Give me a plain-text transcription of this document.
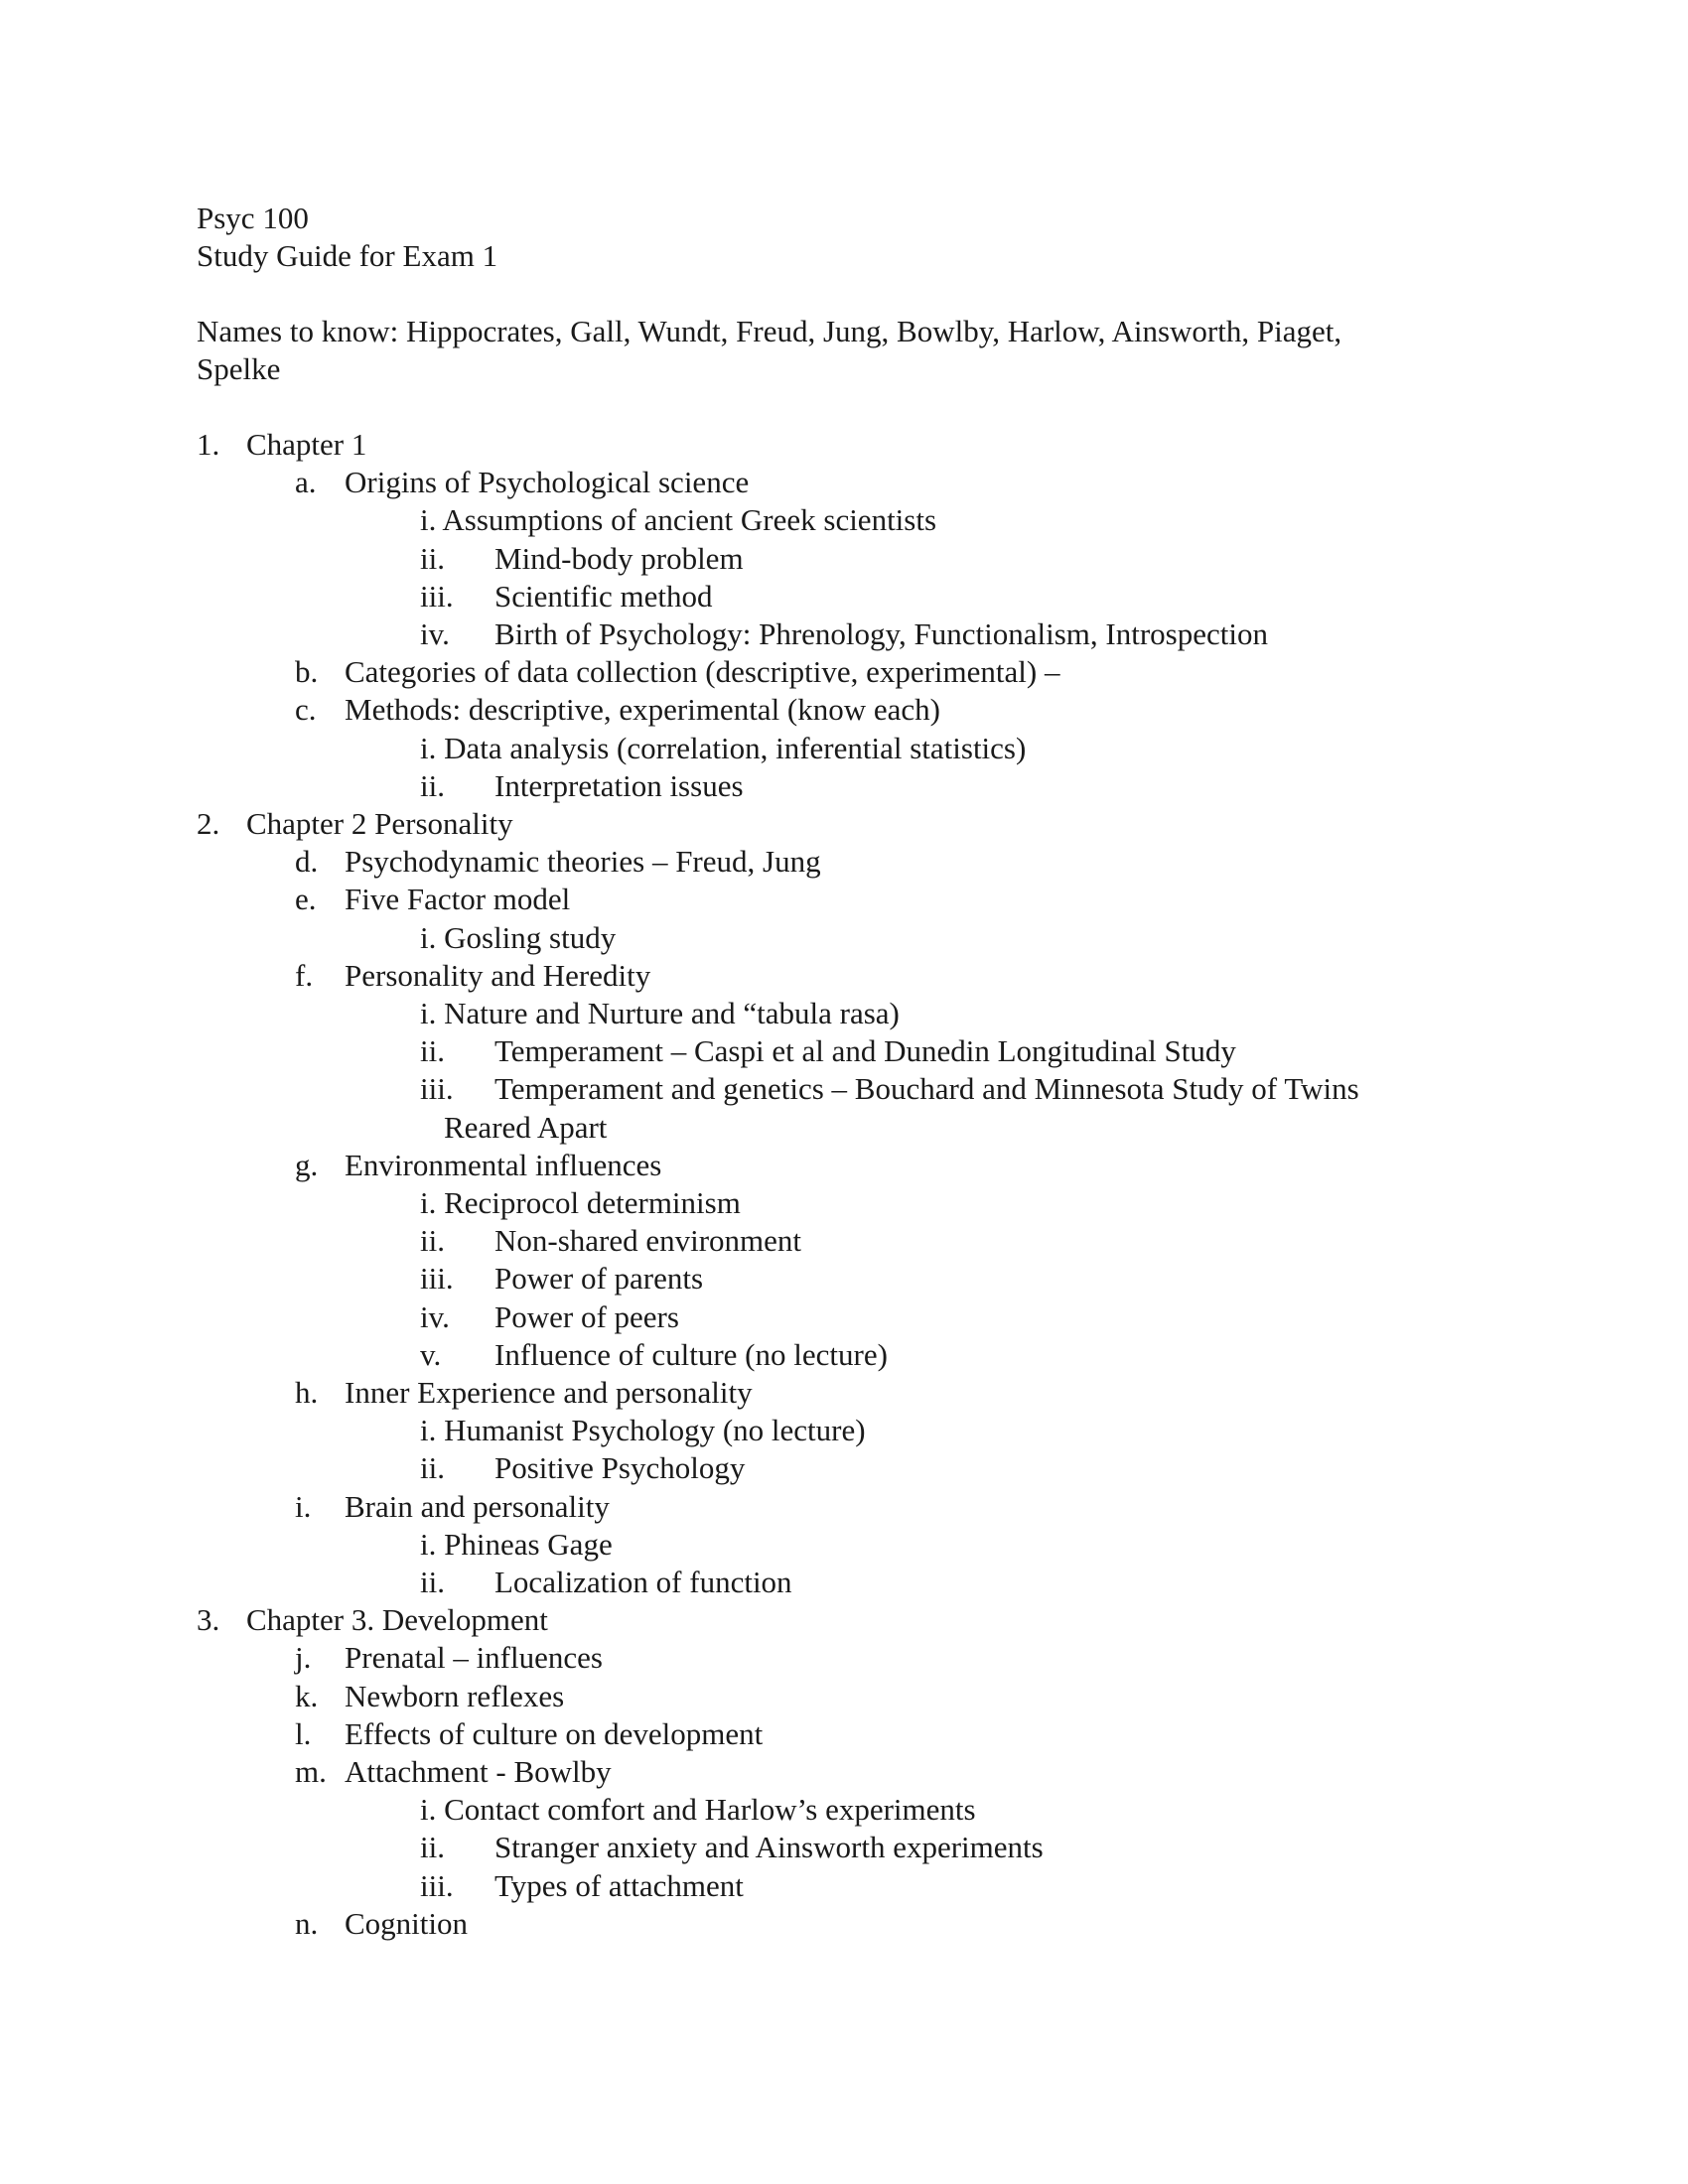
Psyc 100
Study Guide for Exam 1
Names to know: Hippocrates, Gall, Wundt, Freud, Jung, Bowlby, Harlow, Ainsworth, Piaget,
Spelke
1. Chapter 1
a. Origins of Psychological science
i. Assumptions of ancient Greek scientists
ii. Mind-body problem
iii. Scientific method
iv. Birth of Psychology: Phrenology, Functionalism, Introspection
b. Categories of data collection (descriptive, experimental) –
c. Methods: descriptive, experimental (know each)
i. Data analysis (correlation, inferential statistics)
ii. Interpretation issues
2. Chapter 2 Personality
d. Psychodynamic theories – Freud, Jung
e. Five Factor model
i. Gosling study
f. Personality and Heredity
i. Nature and Nurture and “tabula rasa)
ii. Temperament – Caspi et al and Dunedin Longitudinal Study
iii. Temperament and genetics – Bouchard and Minnesota Study of Twins
Reared Apart
g. Environmental influences
i. Reciprocol determinism
ii. Non-shared environment
iii. Power of parents
iv. Power of peers
v. Influence of culture (no lecture)
h. Inner Experience and personality
i. Humanist Psychology (no lecture)
ii. Positive Psychology
i. Brain and personality
i. Phineas Gage
ii. Localization of function
3. Chapter 3. Development
j. Prenatal – influences
k. Newborn reflexes
l. Effects of culture on development
m. Attachment - Bowlby
i. Contact comfort and Harlow’s experiments
ii. Stranger anxiety and Ainsworth experiments
iii. Types of attachment
n. Cognition
